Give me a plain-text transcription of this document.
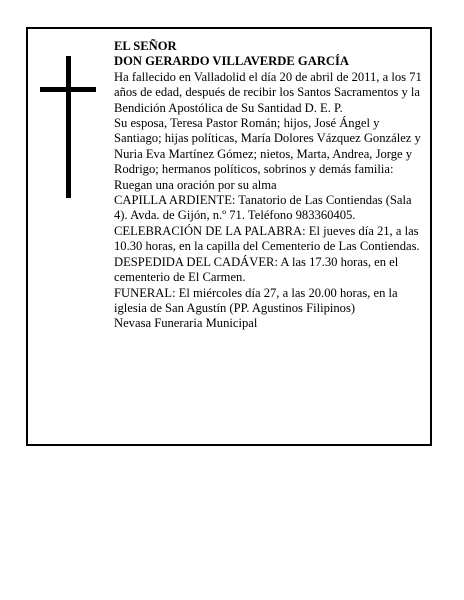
EL SEÑOR

DON GERARDO VILLAVERDE GARCÍA

Ha fallecido en Valladolid el día 20 de abril de 2011, a los 71 años de edad, después de recibir los Santos Sacramentos y la Bendición Apostólica de Su Santidad D. E. P.

Su esposa, Teresa Pastor Román; hijos, José Ángel y Santiago; hijas políticas, María Dolores Vázquez González y Nuria Eva Martínez Gómez; nietos, Marta, Andrea, Jorge y Rodrigo; hermanos políticos, sobrinos y demás familia:

Ruegan una oración por su alma

CAPILLA ARDIENTE: Tanatorio de Las Contiendas (Sala 4). Avda. de Gijón, n.º 71. Teléfono 983360405.

CELEBRACIÓN DE LA PALABRA: El jueves día 21, a las 10.30 horas, en la capilla del Cementerio de Las Contiendas.

DESPEDIDA DEL CADÁVER: A las 17.30 horas, en el cementerio de El Carmen.

FUNERAL: El miércoles día 27, a las 20.00 horas, en la iglesia de San Agustín (PP. Agustinos Filipinos)

Nevasa Funeraria Municipal
